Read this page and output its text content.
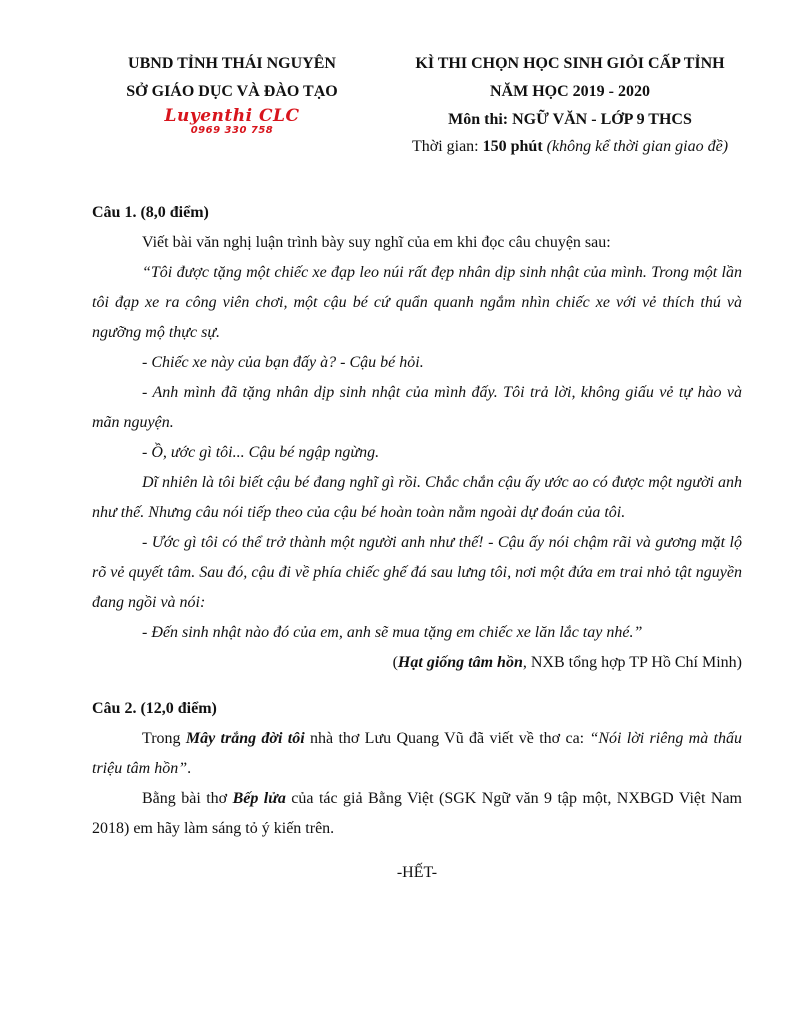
UBND TỈNH THÁI NGUYÊN
SỞ GIÁO DỤC VÀ ĐÀO TẠO
Luyenthi CLC
0969 330 758
KÌ THI CHỌN HỌC SINH GIỎI CẤP TỈNH
NĂM HỌC 2019 - 2020
Môn thi: NGỮ VĂN - LỚP 9 THCS
Thời gian: 150 phút (không kể thời gian giao đề)
Câu 1. (8,0 điểm)
Viết bài văn nghị luận trình bày suy nghĩ của em khi đọc câu chuyện sau:
“Tôi được tặng một chiếc xe đạp leo núi rất đẹp nhân dịp sinh nhật của mình. Trong một lần tôi đạp xe ra công viên chơi, một cậu bé cứ quẩn quanh ngắm nhìn chiếc xe với vẻ thích thú và ngưỡng mộ thực sự.
- Chiếc xe này của bạn đấy à? - Cậu bé hỏi.
- Anh mình đã tặng nhân dịp sinh nhật của mình đấy. Tôi trả lời, không giấu vẻ tự hào và mãn nguyện.
- Ồ, ước gì tôi... Cậu bé ngập ngừng.
Dĩ nhiên là tôi biết cậu bé đang nghĩ gì rồi. Chắc chắn cậu ấy ước ao có được một người anh như thế. Nhưng câu nói tiếp theo của cậu bé hoàn toàn nằm ngoài dự đoán của tôi.
- Ước gì tôi có thể trở thành một người anh như thế! - Cậu ấy nói chậm rãi và gương mặt lộ rõ vẻ quyết tâm. Sau đó, cậu đi về phía chiếc ghế đá sau lưng tôi, nơi một đứa em trai nhỏ tật nguyền đang ngồi và nói:
- Đến sinh nhật nào đó của em, anh sẽ mua tặng em chiếc xe lăn lắc tay nhé.”
(Hạt giống tâm hồn, NXB tổng hợp TP Hồ Chí Minh)
Câu 2. (12,0 điểm)
Trong Mây trắng đời tôi nhà thơ Lưu Quang Vũ đã viết về thơ ca: “Nói lời riêng mà thấu triệu tâm hồn”.
Bằng bài thơ Bếp lửa của tác giả Bằng Việt (SGK Ngữ văn 9 tập một, NXBGD Việt Nam 2018) em hãy làm sáng tỏ ý kiến trên.
-HẾT-
